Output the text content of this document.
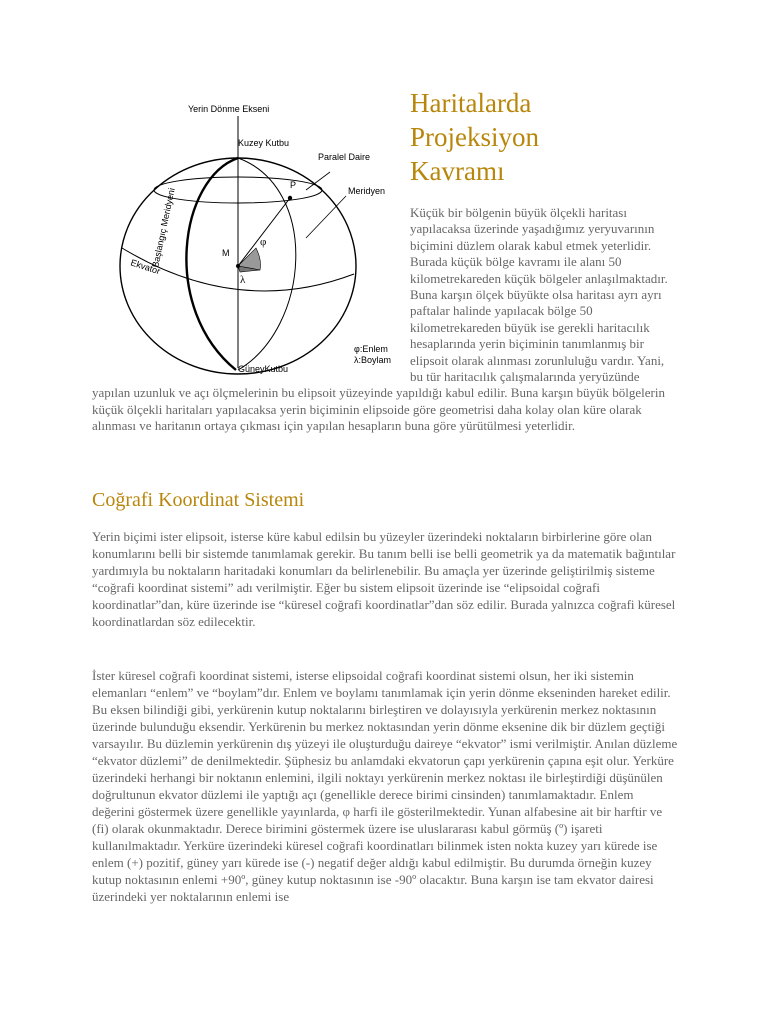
Başlangıç Meridyeni
Ekvator
Yerin Dönme Ekseni
Kuzey Kutbu
Paralel Daire
P
Meridyen
M
φ
λ
φ:Enlem
λ:Boylam
GüneyKutbu
Haritalarda
Projeksiyon
Kavramı

Küçük bir bölgenin büyük ölçekli haritası yapılacaksa üzerinde yaşadığımız yeryuvarının biçimini düzlem olarak kabul etmek yeterlidir. Burada küçük bölge kavramı ile alanı 50 kilometrekareden küçük bölgeler anlaşılmaktadır. Buna karşın ölçek büyükte olsa haritası ayrı ayrı paftalar halinde yapılacak bölge 50 kilometrekareden büyük ise gerekli haritacılık hesaplarında yerin biçiminin tanımlanmış bir elipsoit olarak alınması zorunluluğu vardır. Yani, bu tür haritacılık çalışmalarında yeryüzünde yapılan uzunluk ve açı ölçmelerinin bu elipsoit yüzeyinde yapıldığı kabul edilir. Buna karşın büyük bölgelerin küçük ölçekli haritaları yapılacaksa yerin biçiminin elipsoide göre geometrisi daha kolay olan küre olarak alınması ve haritanın ortaya çıkması için yapılan hesapların buna göre yürütülmesi yeterlidir.

Coğrafi Koordinat Sistemi

Yerin biçimi ister elipsoit, isterse küre kabul edilsin bu yüzeyler üzerindeki noktaların birbirlerine göre olan konumlarını belli bir sistemde tanımlamak gerekir. Bu tanım belli ise belli geometrik ya da matematik bağıntılar yardımıyla bu noktaların haritadaki konumları da belirlenebilir. Bu amaçla yer üzerinde geliştirilmiş sisteme “coğrafi koordinat sistemi” adı verilmiştir. Eğer bu sistem elipsoit üzerinde ise “elipsoidal coğrafi koordinatlar”dan, küre üzerinde ise “küresel coğrafi koordinatlar”dan söz edilir. Burada yalnızca coğrafi küresel koordinatlardan söz edilecektir.

İster küresel coğrafi koordinat sistemi, isterse elipsoidal coğrafi koordinat sistemi olsun, her iki sistemin elemanları “enlem” ve “boylam”dır. Enlem ve boylamı tanımlamak için yerin dönme ekseninden hareket edilir. Bu eksen bilindiği gibi, yerkürenin kutup noktalarını birleştiren ve dolayısıyla yerkürenin merkez noktasının üzerinde bulunduğu eksendir. Yerkürenin bu merkez noktasından yerin dönme eksenine dik bir düzlem geçtiği varsayılır. Bu düzlemin yerkürenin dış yüzeyi ile oluşturduğu daireye “ekvator” ismi verilmiştir. Anılan düzleme “ekvator düzlemi” de denilmektedir. Şüphesiz bu anlamdaki ekvatorun çapı yerkürenin çapına eşit olur. Yerküre üzerindeki herhangi bir noktanın enlemini, ilgili noktayı yerkürenin merkez noktası ile birleştirdiği düşünülen doğrultunun ekvator düzlemi ile yaptığı açı (genellikle derece birimi cinsinden) tanımlamaktadır. Enlem değerini göstermek üzere genellikle yayınlarda, φ harfi ile gösterilmektedir. Yunan alfabesine ait bir harftir ve (fi) olarak okunmaktadır. Derece birimini göstermek üzere ise uluslararası kabul görmüş (º) işareti kullanılmaktadır. Yerküre üzerindeki küresel coğrafi koordinatları bilinmek isten nokta kuzey yarı kürede ise enlem (+) pozitif, güney yarı kürede ise (-) negatif değer aldığı kabul edilmiştir. Bu durumda örneğin kuzey kutup noktasının enlemi +90º, güney kutup noktasının ise -90º olacaktır. Buna karşın ise tam ekvator dairesi üzerindeki yer noktalarının enlemi ise
